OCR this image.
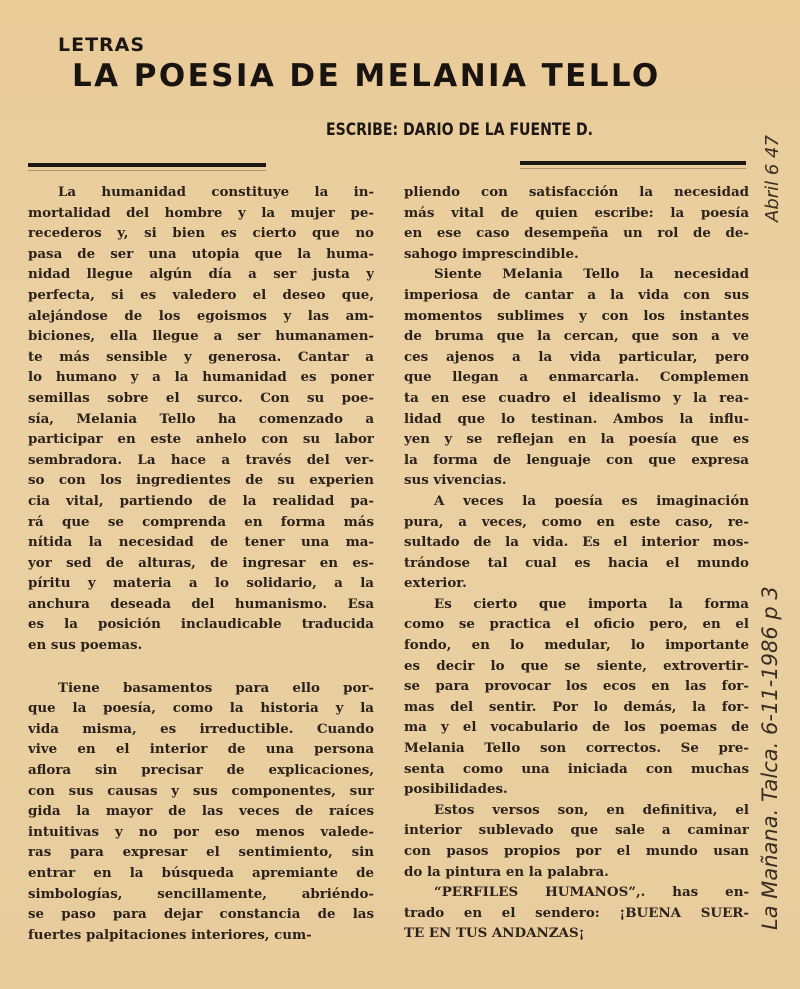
LETRAS
LA POESIA DE MELANIA TELLO
ESCRIBE: DARIO DE LA FUENTE D.
La humanidad constituye la in-
mortalidad del hombre y la mujer pe-
recederos y, si bien es cierto que no
pasa de ser una utopia que la huma-
nidad llegue algún día a ser justa y
perfecta, si es valedero el deseo que,
alejándose de los egoismos y las am-
biciones, ella llegue a ser humanamen-
te más sensible y generosa. Cantar a
lo humano y a la humanidad es poner
semillas sobre el surco. Con su poe-
sía, Melania Tello ha comenzado a
participar en este anhelo con su labor
sembradora. La hace a través del ver-
so con los ingredientes de su experien
cia vital, partiendo de la realidad pa-
rá que se comprenda en forma más
nítida la necesidad de tener una ma-
yor sed de alturas, de ingresar en es-
píritu y materia a lo solidario, a la
anchura deseada del humanismo. Esa
es la posición inclaudicable traducida
en sus poemas.
Tiene basamentos para ello por-
que la poesía, como la historia y la
vida misma, es irreductible. Cuando
vive en el interior de una persona
aflora sin precisar de explicaciones,
con sus causas y sus componentes, sur
gida la mayor de las veces de raíces
intuitivas y no por eso menos valede-
ras para expresar el sentimiento, sin
entrar en la búsqueda apremiante de
simbologías, sencillamente, abriéndo-
se paso para dejar constancia de las
fuertes palpitaciones interiores, cum-
pliendo con satisfacción la necesidad
más vital de quien escribe: la poesía
en ese caso desempeña un rol de de-
sahogo imprescindible.
Siente Melania Tello la necesidad
imperiosa de cantar a la vida con sus
momentos sublimes y con los instantes
de bruma que la cercan, que son a ve
ces ajenos a la vida particular, pero
que llegan a enmarcarla. Complemen
ta en ese cuadro el idealismo y la rea-
lidad que lo testinan. Ambos la influ-
yen y se reflejan en la poesía que es
la forma de lenguaje con que expresa
sus vivencias.
A veces la poesía es imaginación
pura, a veces, como en este caso, re-
sultado de la vida. Es el interior mos-
trándose tal cual es hacia el mundo
exterior.
Es cierto que importa la forma
como se practica el oficio pero, en el
fondo, en lo medular, lo importante
es decir lo que se siente, extrovertir-
se para provocar los ecos en las for-
mas del sentir. Por lo demás, la for-
ma y el vocabulario de los poemas de
Melania Tello son correctos. Se pre-
senta como una iniciada con muchas
posibilidades.
Estos versos son, en definitiva, el
interior sublevado que sale a caminar
con pasos propios por el mundo usan
do la pintura en la palabra.
“PERFILES HUMANOS”,. has en-
trado en el sendero: ¡BUENA SUER-
TE EN TUS ANDANZAS¡
Abril 6 47
La Mañana. Talca. 6-11-1986 p 3
